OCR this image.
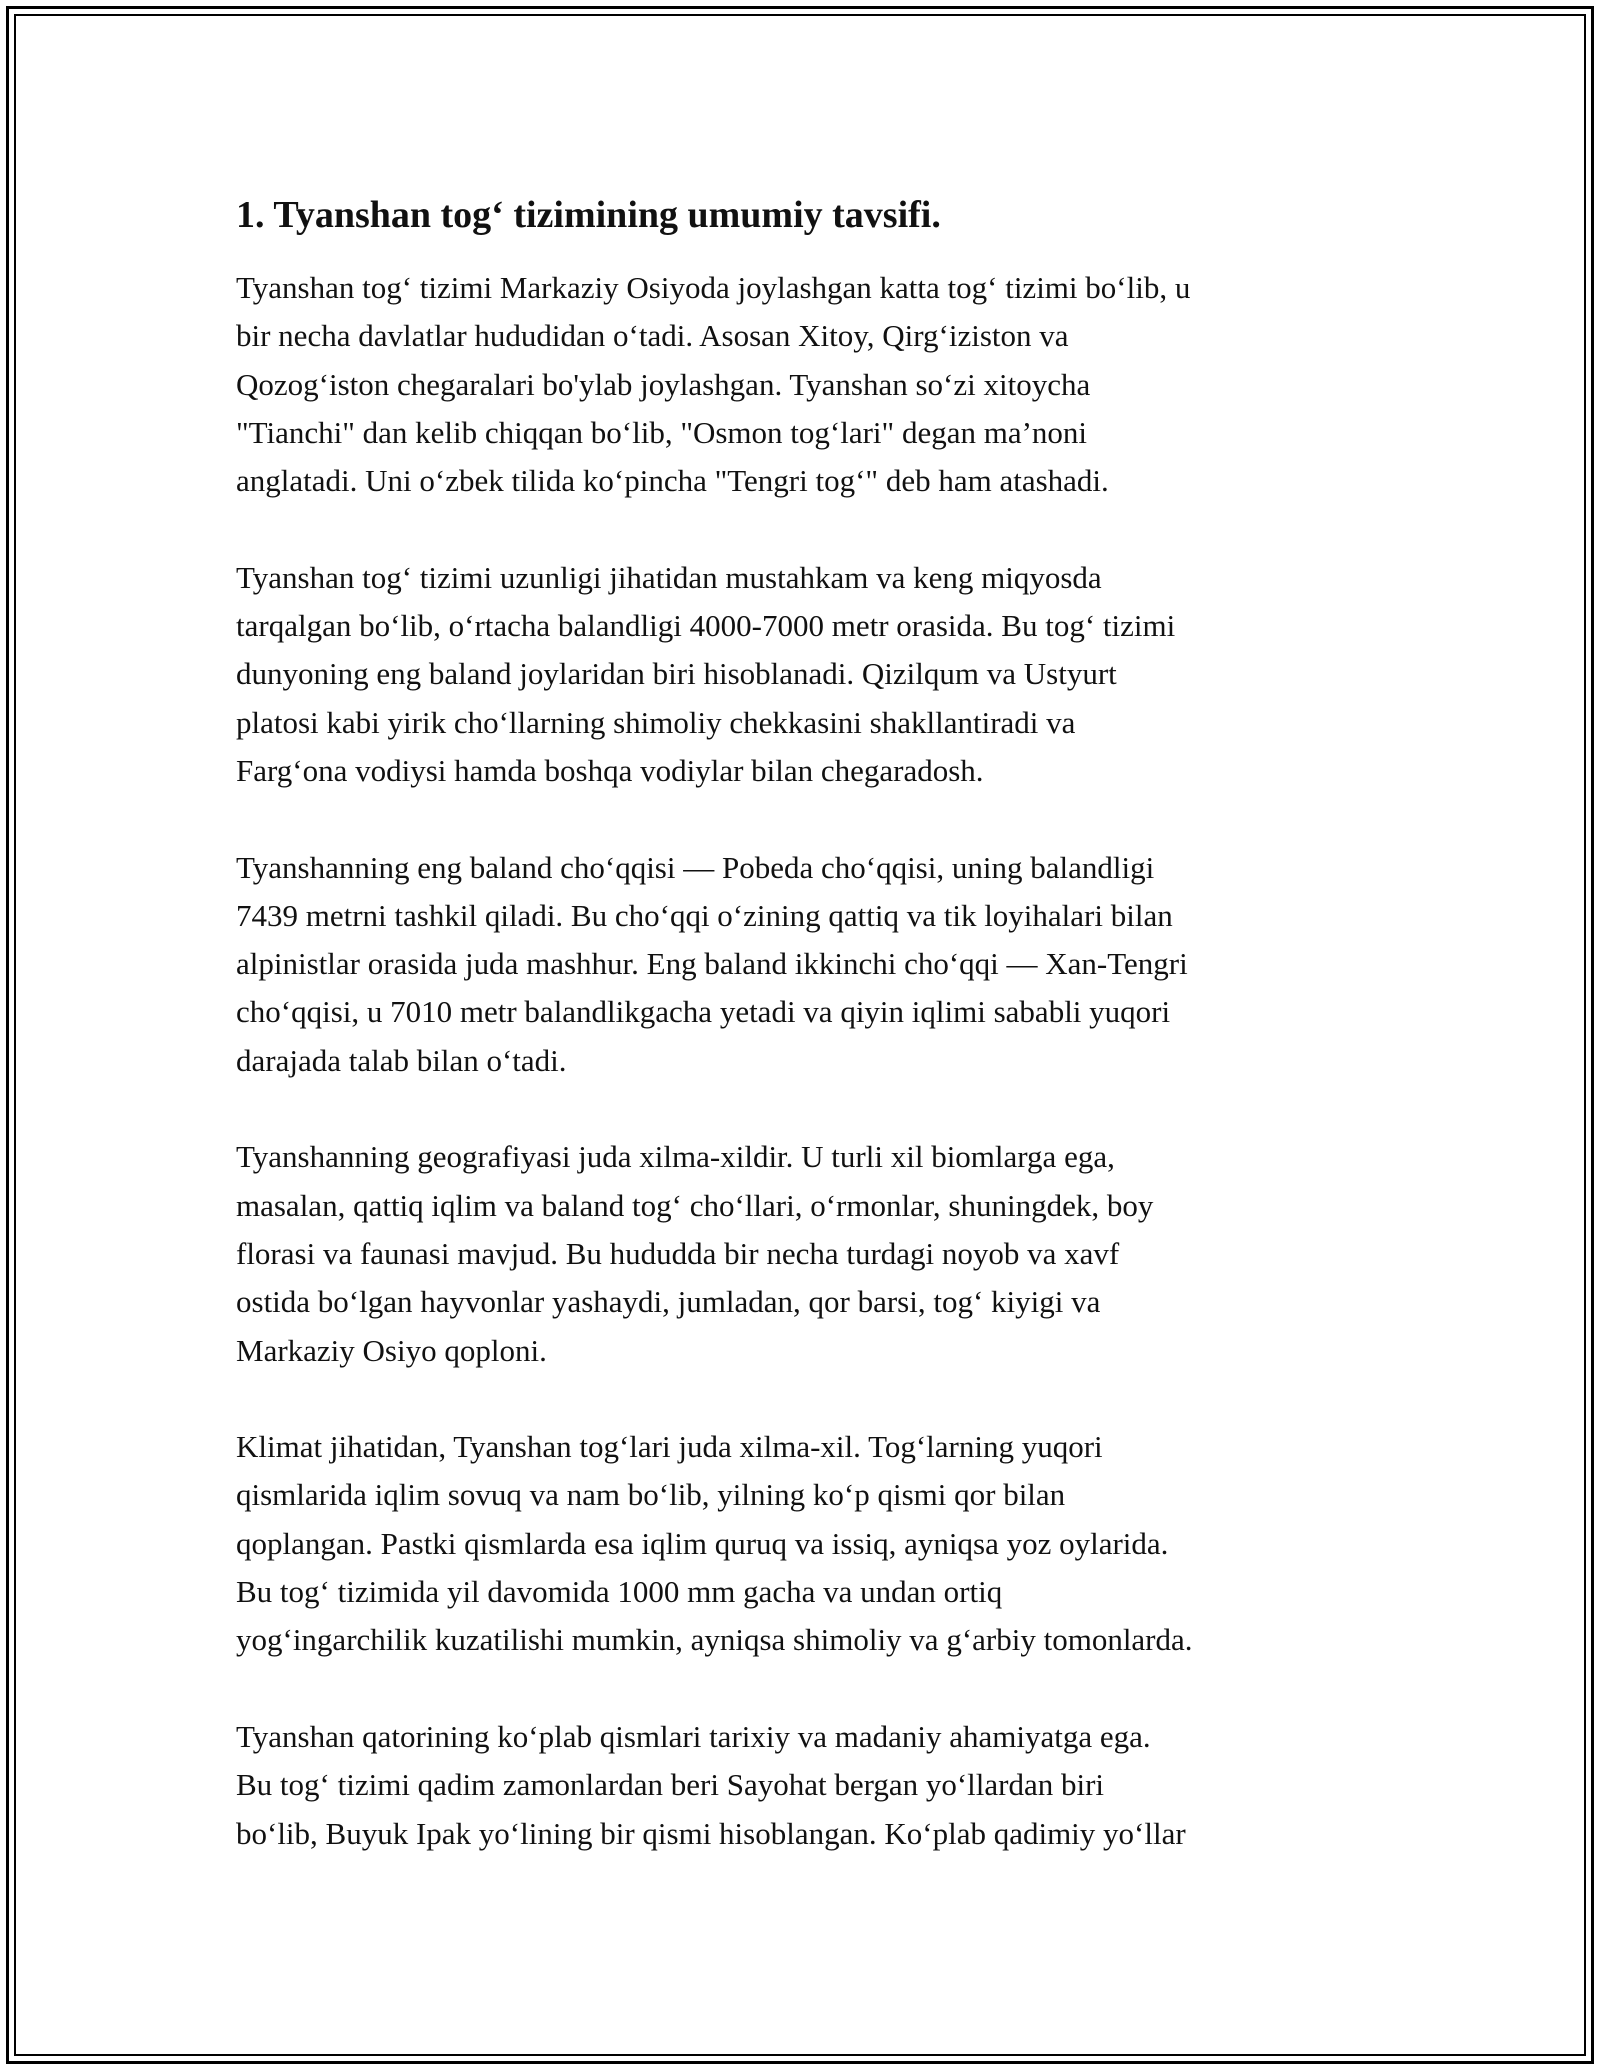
1. Tyanshan tog‘ tizimining umumiy tavsifi.

Tyanshan tog‘ tizimi Markaziy Osiyoda joylashgan katta tog‘ tizimi bo‘lib, u
bir necha davlatlar hududidan o‘tadi. Asosan Xitoy, Qirg‘iziston va
Qozog‘iston chegaralari bo'ylab joylashgan. Tyanshan so‘zi xitoycha
"Tianchi" dan kelib chiqqan bo‘lib, "Osmon tog‘lari" degan ma’noni
anglatadi. Uni o‘zbek tilida ko‘pincha "Tengri tog‘" deb ham atashadi.

Tyanshan tog‘ tizimi uzunligi jihatidan mustahkam va keng miqyosda
tarqalgan bo‘lib, o‘rtacha balandligi 4000-7000 metr orasida. Bu tog‘ tizimi
dunyoning eng baland joylaridan biri hisoblanadi. Qizilqum va Ustyurt
platosi kabi yirik cho‘llarning shimoliy chekkasini shakllantiradi va
Farg‘ona vodiysi hamda boshqa vodiylar bilan chegaradosh.

Tyanshanning eng baland cho‘qqisi — Pobeda cho‘qqisi, uning balandligi
7439 metrni tashkil qiladi. Bu cho‘qqi o‘zining qattiq va tik loyihalari bilan
alpinistlar orasida juda mashhur. Eng baland ikkinchi cho‘qqi — Xan-Tengri
cho‘qqisi, u 7010 metr balandlikgacha yetadi va qiyin iqlimi sababli yuqori
darajada talab bilan o‘tadi.

Tyanshanning geografiyasi juda xilma-xildir. U turli xil biomlarga ega,
masalan, qattiq iqlim va baland tog‘ cho‘llari, o‘rmonlar, shuningdek, boy
florasi va faunasi mavjud. Bu hududda bir necha turdagi noyob va xavf
ostida bo‘lgan hayvonlar yashaydi, jumladan, qor barsi, tog‘ kiyigi va
Markaziy Osiyo qoploni.

Klimat jihatidan, Tyanshan tog‘lari juda xilma-xil. Tog‘larning yuqori
qismlarida iqlim sovuq va nam bo‘lib, yilning ko‘p qismi qor bilan
qoplangan. Pastki qismlarda esa iqlim quruq va issiq, ayniqsa yoz oylarida.
Bu tog‘ tizimida yil davomida 1000 mm gacha va undan ortiq
yog‘ingarchilik kuzatilishi mumkin, ayniqsa shimoliy va g‘arbiy tomonlarda.

Tyanshan qatorining ko‘plab qismlari tarixiy va madaniy ahamiyatga ega.
Bu tog‘ tizimi qadim zamonlardan beri Sayohat bergan yo‘llardan biri
bo‘lib, Buyuk Ipak yo‘lining bir qismi hisoblangan. Ko‘plab qadimiy yo‘llar
